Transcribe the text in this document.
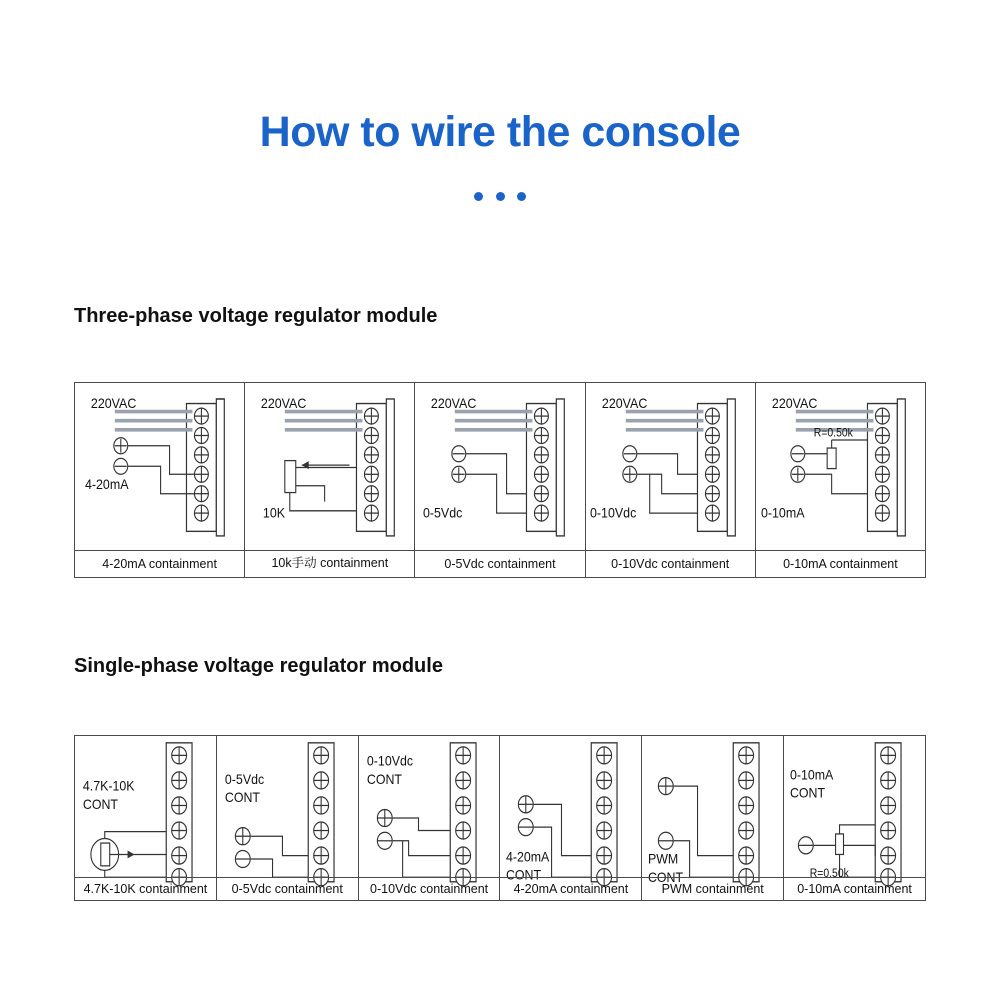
How to wire the console

Three-phase voltage regulator module
220VAC
4-20mA
4-20mA containment
220VAC
10K
10k手动 containment
220VAC
0-5Vdc
0-5Vdc containment
220VAC
0-10Vdc
0-10Vdc containment
220VAC
R=0.50k
0-10mA
0-10mA containment
Single-phase voltage regulator module
4.7K-10K
CONT
4.7K-10K containment
0-5Vdc
CONT
0-5Vdc containment
0-10Vdc
CONT
0-10Vdc containment
4-20mA
CONT
4-20mA containment
PWM
CONT
PWM containment
0-10mA
CONT
R=0.50k
0-10mA containment
